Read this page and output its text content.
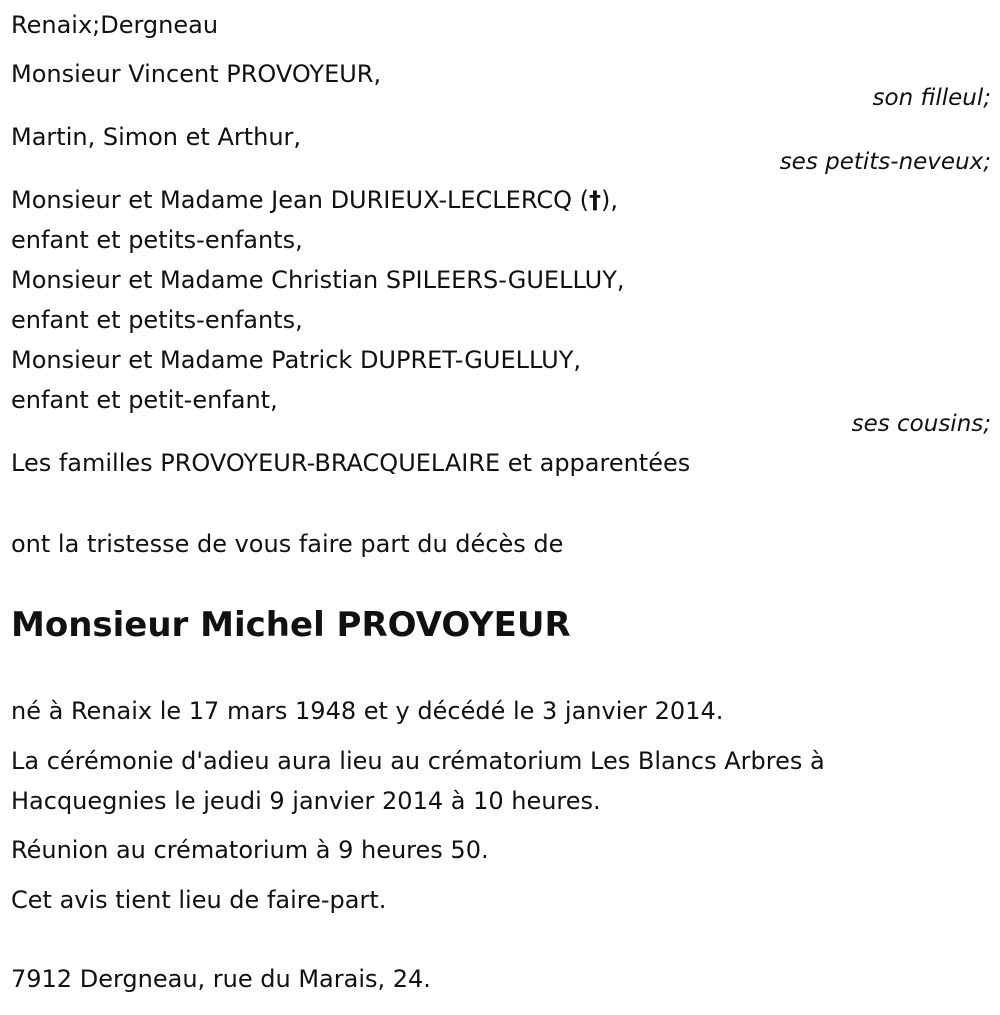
Renaix;Dergneau
Monsieur Vincent PROVOYEUR,
son filleul;
Martin, Simon et Arthur,
ses petits-neveux;
Monsieur et Madame Jean DURIEUX-LECLERCQ (†),
enfant et petits-enfants,
Monsieur et Madame Christian SPILEERS-GUELLUY,
enfant et petits-enfants,
Monsieur et Madame Patrick DUPRET-GUELLUY,
enfant et petit-enfant,
ses cousins;
Les familles PROVOYEUR-BRACQUELAIRE et apparentées
ont la tristesse de vous faire part du décès de
Monsieur Michel PROVOYEUR
né à Renaix le 17 mars 1948 et y décédé le 3 janvier 2014.
La cérémonie d'adieu aura lieu au crématorium Les Blancs Arbres à
Hacquegnies le jeudi 9 janvier 2014 à 10 heures.
Réunion au crématorium à 9 heures 50.
Cet avis tient lieu de faire-part.
7912 Dergneau, rue du Marais, 24.
